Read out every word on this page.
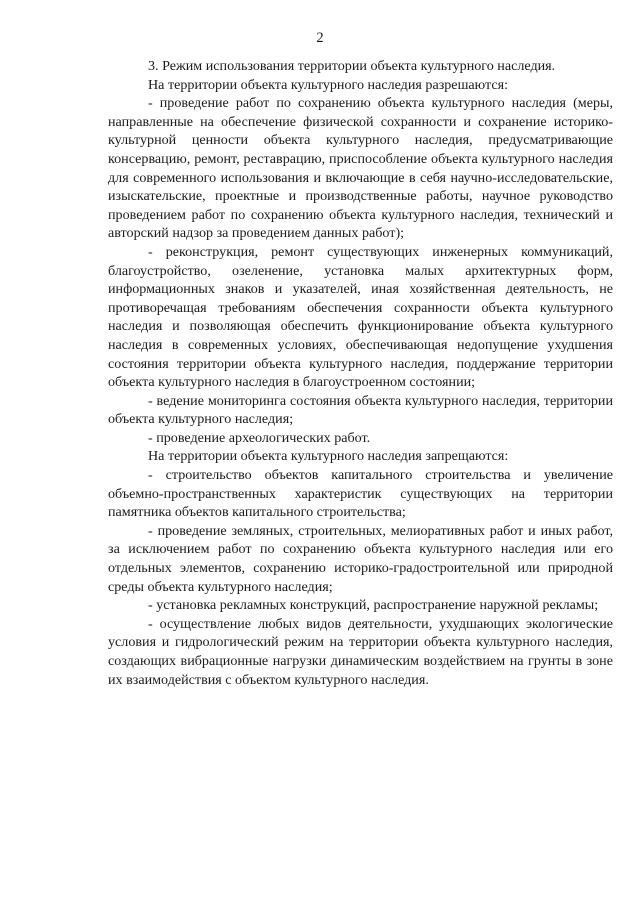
2

3. Режим использования территории объекта культурного наследия.

На территории объекта культурного наследия разрешаются:

- проведение работ по сохранению объекта культурного наследия (меры, направленные на обеспечение физической сохранности и сохранение историко-культурной ценности объекта культурного наследия, предусматривающие консервацию, ремонт, реставрацию, приспособление объекта культурного наследия для современного использования и включающие в себя научно-исследовательские, изыскательские, проектные и производственные работы, научное руководство проведением работ по сохранению объекта культурного наследия, технический и авторский надзор за проведением данных работ);

- реконструкция, ремонт существующих инженерных коммуникаций, благоустройство, озеленение, установка малых архитектурных форм, информационных знаков и указателей, иная хозяйственная деятельность, не противоречащая требованиям обеспечения сохранности объекта культурного наследия и позволяющая обеспечить функционирование объекта культурного наследия в современных условиях, обеспечивающая недопущение ухудшения состояния территории объекта культурного наследия, поддержание территории объекта культурного наследия в благоустроенном состоянии;

- ведение мониторинга состояния объекта культурного наследия, территории объекта культурного наследия;

- проведение археологических работ.

На территории объекта культурного наследия запрещаются:

- строительство объектов капитального строительства и увеличение объемно-пространственных характеристик существующих на территории памятника объектов капитального строительства;

- проведение земляных, строительных, мелиоративных работ и иных работ, за исключением работ по сохранению объекта культурного наследия или его отдельных элементов, сохранению историко-градостроительной или природной среды объекта культурного наследия;

- установка рекламных конструкций, распространение наружной рекламы;

- осуществление любых видов деятельности, ухудшающих экологические условия и гидрологический режим на территории объекта культурного наследия, создающих вибрационные нагрузки динамическим воздействием на грунты в зоне их взаимодействия с объектом культурного наследия.
